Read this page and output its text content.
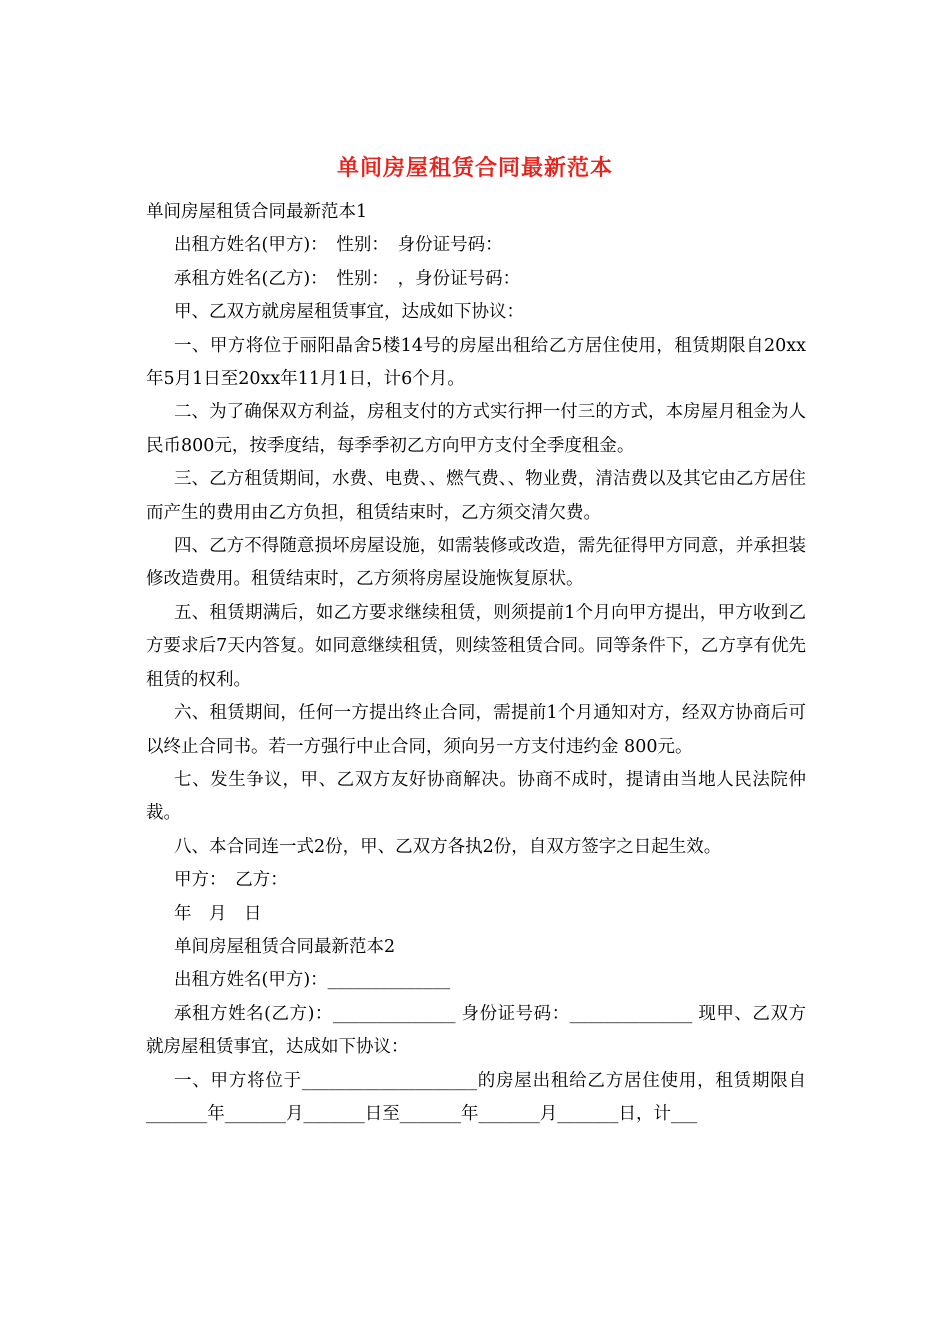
单间房屋租赁合同最新范本

单间房屋租赁合同最新范本1

出租方姓名(甲方)：　性别：　身份证号码：

承租方姓名(乙方)：　性别：　，身份证号码：

甲、乙双方就房屋租赁事宜，达成如下协议：

一、甲方将位于丽阳晶舍5楼14号的房屋出租给乙方居住使用，租赁期限自20xx年5月1日至20xx年11月1日，计6个月。

二、为了确保双方利益，房租支付的方式实行押一付三的方式，本房屋月租金为人民币800元，按季度结，每季季初乙方向甲方支付全季度租金。

三、乙方租赁期间，水费、电费、、燃气费、、物业费，清洁费以及其它由乙方居住而产生的费用由乙方负担，租赁结束时，乙方须交清欠费。

四、乙方不得随意损坏房屋设施，如需装修或改造，需先征得甲方同意，并承担装修改造费用。租赁结束时，乙方须将房屋设施恢复原状。

五、租赁期满后，如乙方要求继续租赁，则须提前1个月向甲方提出，甲方收到乙方要求后7天内答复。如同意继续租赁，则续签租赁合同。同等条件下，乙方享有优先租赁的权利。

六、租赁期间，任何一方提出终止合同，需提前1个月通知对方，经双方协商后可以终止合同书。若一方强行中止合同，须向另一方支付违约金 800元。

七、发生争议，甲、乙双方友好协商解决。协商不成时，提请由当地人民法院仲裁。

八、本合同连一式2份，甲、乙双方各执2份，自双方签字之日起生效。

甲方：　乙方：

年　月　日

单间房屋租赁合同最新范本2

出租方姓名(甲方)：______________

承租方姓名(乙方)：______________ 身份证号码：______________ 现甲、乙双方就房屋租赁事宜，达成如下协议：

一、甲方将位于____________________的房屋出租给乙方居住使用，租赁期限自_______年_______月_______日至_______年_______月_______日，计___
